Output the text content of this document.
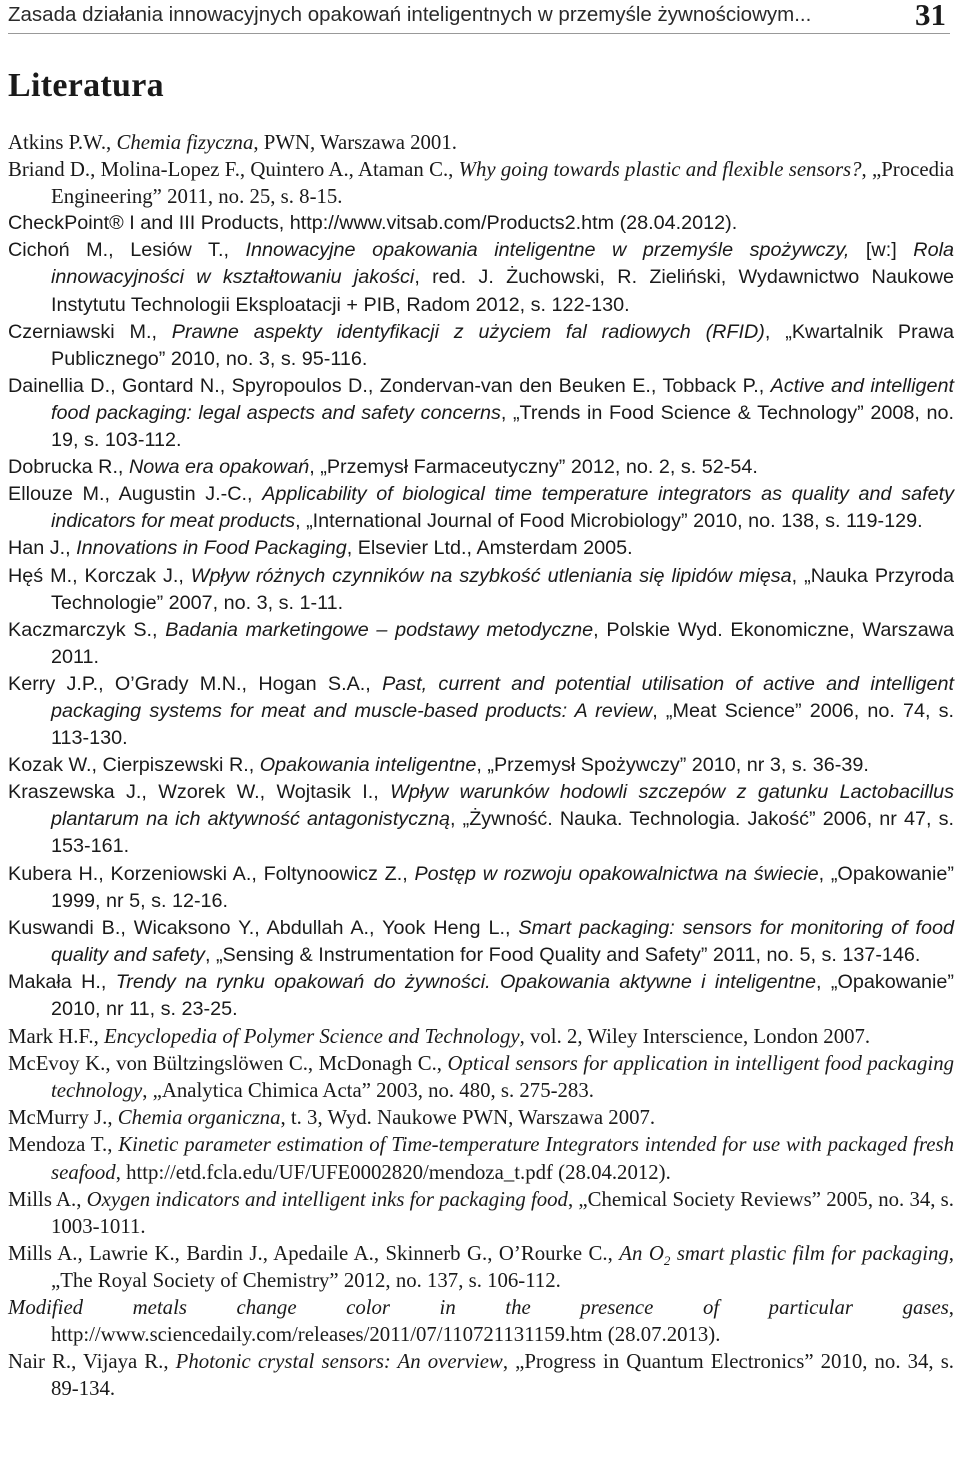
Zasada działania innowacyjnych opakowań inteligentnych w przemyśle żywnościowym...	31
Literatura

Atkins P.W., Chemia fizyczna, PWN, Warszawa 2001.

Briand D., Molina-Lopez F., Quintero A., Ataman C., Why going towards plastic and flexible sensors?, „Procedia Engineering” 2011, no. 25, s. 8-15.

CheckPoint® I and III Products, http://www.vitsab.com/Products2.htm (28.04.2012).

Cichoń M., Lesiów T., Innowacyjne opakowania inteligentne w przemyśle spożywczy, [w:] Rola innowacyjności w kształtowaniu jakości, red. J. Żuchowski, R. Zieliński, Wydawnictwo Naukowe Instytutu Technologii Eksploatacji + PIB, Radom 2012, s. 122-130.

Czerniawski M., Prawne aspekty identyfikacji z użyciem fal radiowych (RFID), „Kwartalnik Prawa Publicznego” 2010, no. 3, s. 95-116.

Dainellia D., Gontard N., Spyropoulos D., Zondervan-van den Beuken E., Tobback P., Active and intelligent food packaging: legal aspects and safety concerns, „Trends in Food Science & Technology” 2008, no. 19, s. 103-112.

Dobrucka R., Nowa era opakowań, „Przemysł Farmaceutyczny” 2012, no. 2, s. 52-54.

Ellouze M., Augustin J.-C., Applicability of biological time temperature integrators as quality and safety indicators for meat products, „International Journal of Food Microbiology” 2010, no. 138, s. 119-129.

Han J., Innovations in Food Packaging, Elsevier Ltd., Amsterdam 2005.

Hęś M., Korczak J., Wpływ różnych czynników na szybkość utleniania się lipidów mięsa, „Nauka Przyroda Technologie” 2007, no. 3, s. 1-11.

Kaczmarczyk S., Badania marketingowe – podstawy metodyczne, Polskie Wyd. Ekonomiczne, Warszawa 2011.

Kerry J.P., O’Grady M.N., Hogan S.A., Past, current and potential utilisation of active and intelligent packaging systems for meat and muscle-based products: A review, „Meat Science” 2006, no. 74, s. 113-130.

Kozak W., Cierpiszewski R., Opakowania inteligentne, „Przemysł Spożywczy” 2010, nr 3, s. 36-39.

Kraszewska J., Wzorek W., Wojtasik I., Wpływ warunków hodowli szczepów z gatunku Lactobacillus plantarum na ich aktywność antagonistyczną, „Żywność. Nauka. Technologia. Jakość” 2006, nr 47, s. 153-161.

Kubera H., Korzeniowski A., Foltynoowicz Z., Postęp w rozwoju opakowalnictwa na świecie, „Opakowanie” 1999, nr 5, s. 12-16.

Kuswandi B., Wicaksono Y., Abdullah A., Yook Heng L., Smart packaging: sensors for monitoring of food quality and safety, „Sensing & Instrumentation for Food Quality and Safety” 2011, no. 5, s. 137-146.

Makała H., Trendy na rynku opakowań do żywności. Opakowania aktywne i inteligentne, „Opakowanie” 2010, nr 11, s. 23-25.

Mark H.F., Encyclopedia of Polymer Science and Technology, vol. 2, Wiley Interscience, London 2007.

McEvoy K., von Bültzingslöwen C., McDonagh C., Optical sensors for application in intelligent food packaging technology, „Analytica Chimica Acta” 2003, no. 480, s. 275-283.

McMurry J., Chemia organiczna, t. 3, Wyd. Naukowe PWN, Warszawa 2007.

Mendoza T., Kinetic parameter estimation of Time-temperature Integrators intended for use with packaged fresh seafood, http://etd.fcla.edu/UF/UFE0002820/mendoza_t.pdf (28.04.2012).

Mills A., Oxygen indicators and intelligent inks for packaging food, „Chemical Society Reviews” 2005, no. 34, s. 1003-1011.

Mills A., Lawrie K., Bardin J., Apedaile A., Skinnerb G., O’Rourke C., An $O_2$ smart plastic film for packaging, „The Royal Society of Chemistry” 2012, no. 137, s. 106-112.

Modified metals change color in the presence of particular gases, http://www.sciencedaily.com/releases/2011/07/110721131159.htm (28.07.2013).

Nair R., Vijaya R., Photonic crystal sensors: An overview, „Progress in Quantum Electronics” 2010, no. 34, s. 89-134.
